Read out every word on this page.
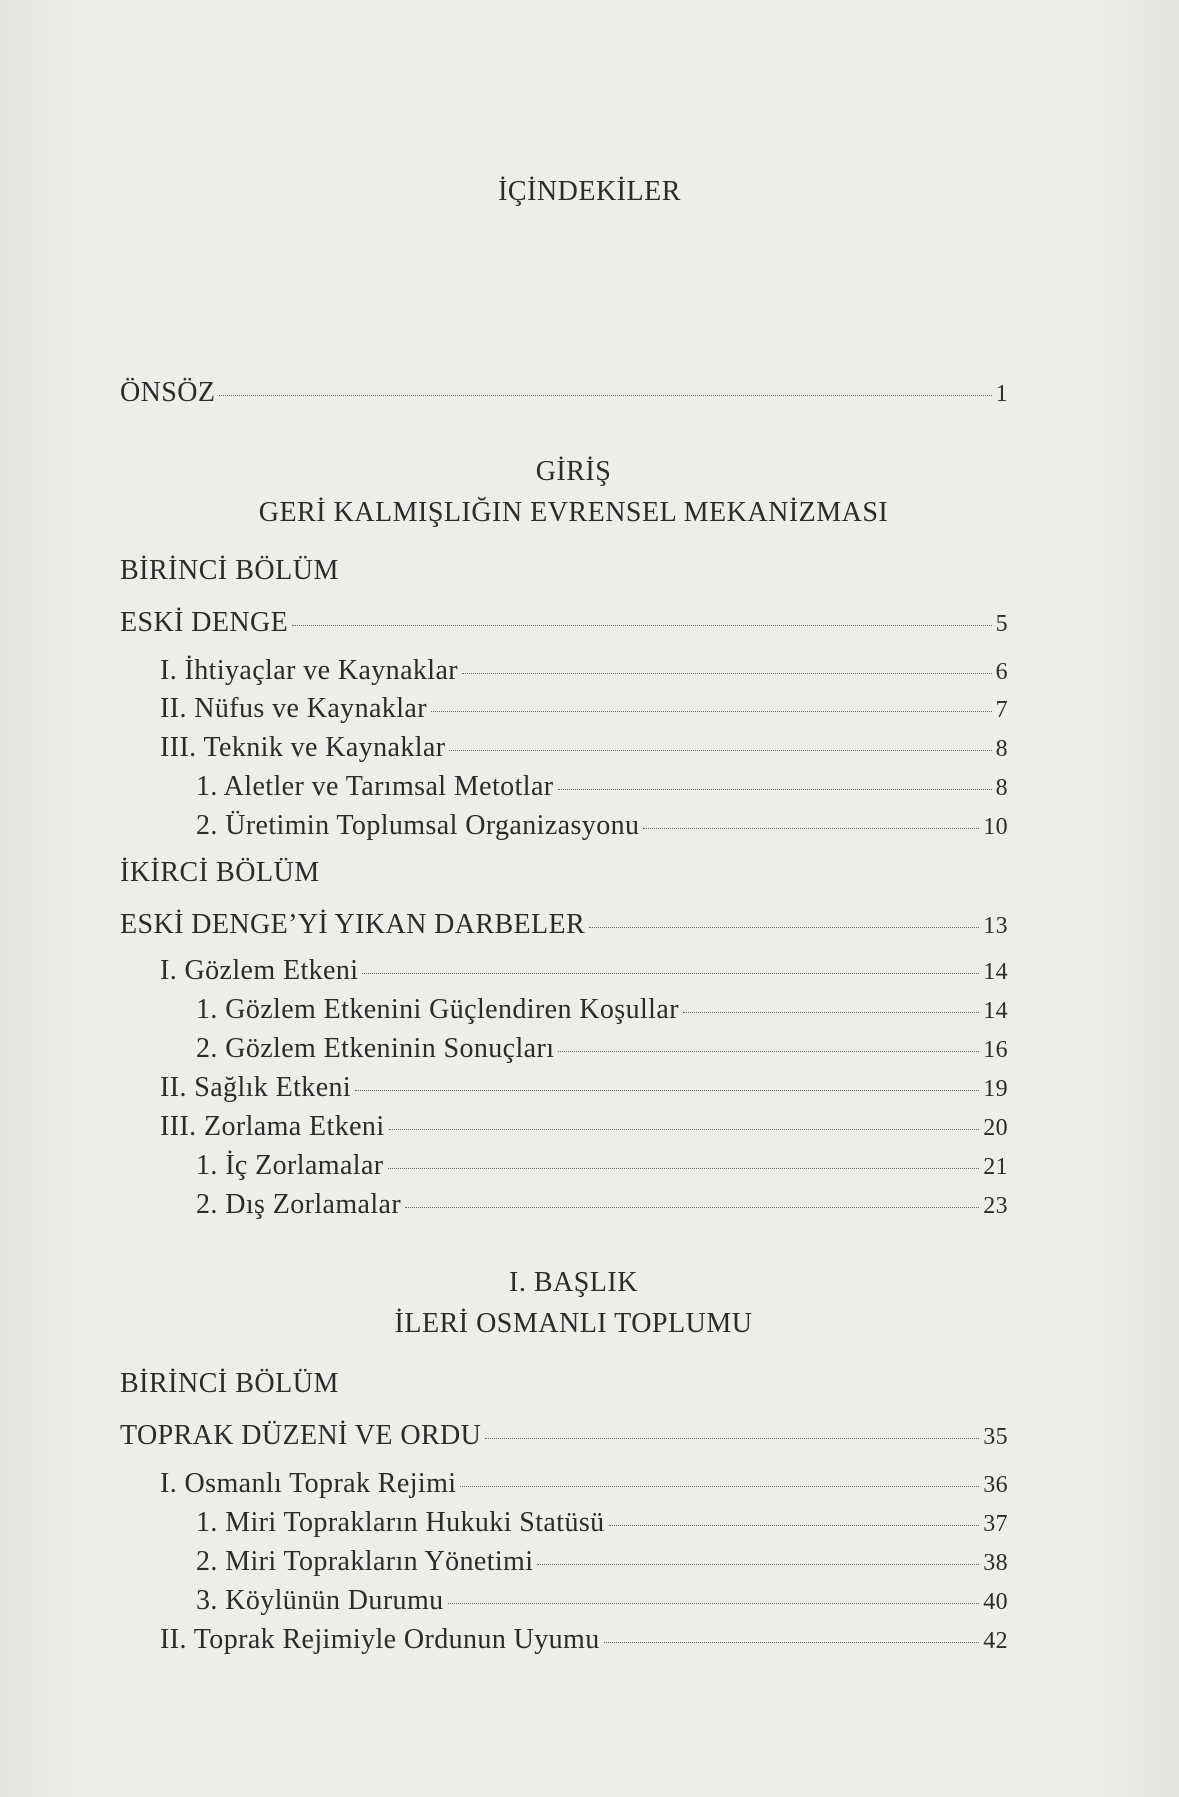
İÇİNDEKİLER
ÖNSÖZ	1
GİRİŞ
GERİ KALMIŞLIĞIN EVRENSEL MEKANİZMASI
BİRİNCİ BÖLÜM
ESKİ DENGE	5
I. İhtiyaçlar ve Kaynaklar	6
II. Nüfus ve Kaynaklar	7
III. Teknik ve Kaynaklar	8
1. Aletler ve Tarımsal Metotlar	8
2. Üretimin Toplumsal Organizasyonu	10
İKİRCİ BÖLÜM
ESKİ DENGE’Yİ YIKAN DARBELER	13
I. Gözlem Etkeni	14
1. Gözlem Etkenini Güçlendiren Koşullar	14
2. Gözlem Etkeninin Sonuçları	16
II. Sağlık Etkeni	19
III. Zorlama Etkeni	20
1. İç Zorlamalar	21
2. Dış Zorlamalar	23
I. BAŞLIK
İLERİ OSMANLI TOPLUMU
BİRİNCİ BÖLÜM
TOPRAK DÜZENİ VE ORDU	35
I. Osmanlı Toprak Rejimi	36
1. Miri Toprakların Hukuki Statüsü	37
2. Miri Toprakların Yönetimi	38
3. Köylünün Durumu	40
II. Toprak Rejimiyle Ordunun Uyumu	42
